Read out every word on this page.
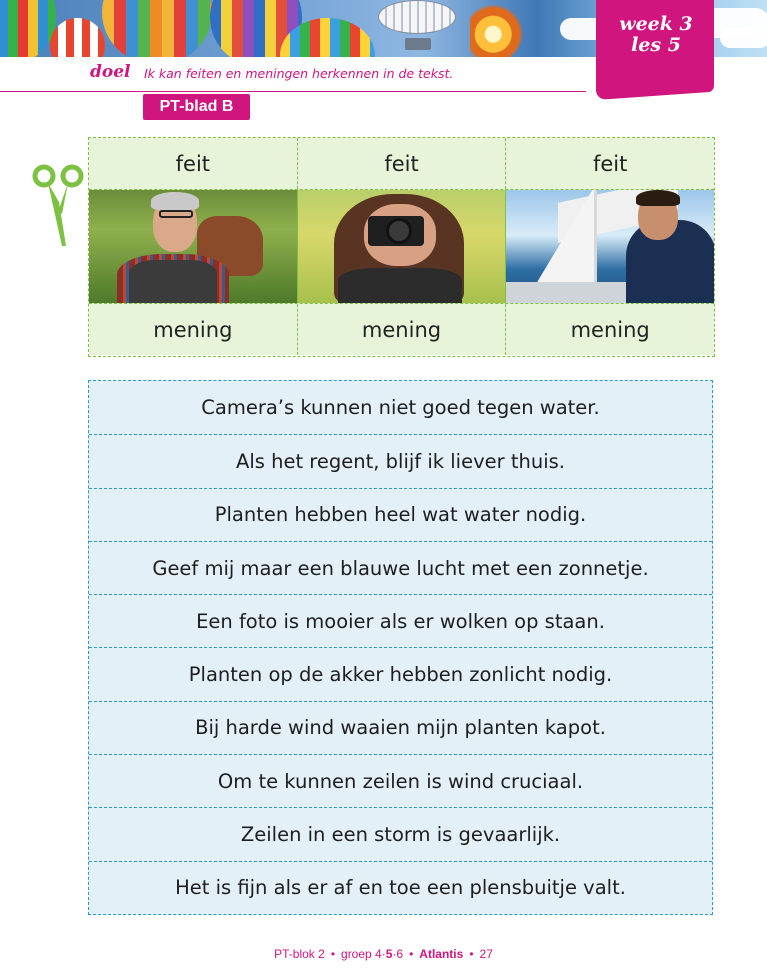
week 3
les 5
doel Ik kan feiten en meningen herkennen in de tekst.
PT-blad B
feit	feit	feit
mening	mening	mening
Camera’s kunnen niet goed tegen water.
Als het regent, blijf ik liever thuis.
Planten hebben heel wat water nodig.
Geef mij maar een blauwe lucht met een zonnetje.
Een foto is mooier als er wolken op staan.
Planten op de akker hebben zonlicht nodig.
Bij harde wind waaien mijn planten kapot.
Om te kunnen zeilen is wind cruciaal.
Zeilen in een storm is gevaarlijk.
Het is fijn als er af en toe een plensbuitje valt.
PT-blok 2 • groep 4·5·6 • Atlantis • 27
